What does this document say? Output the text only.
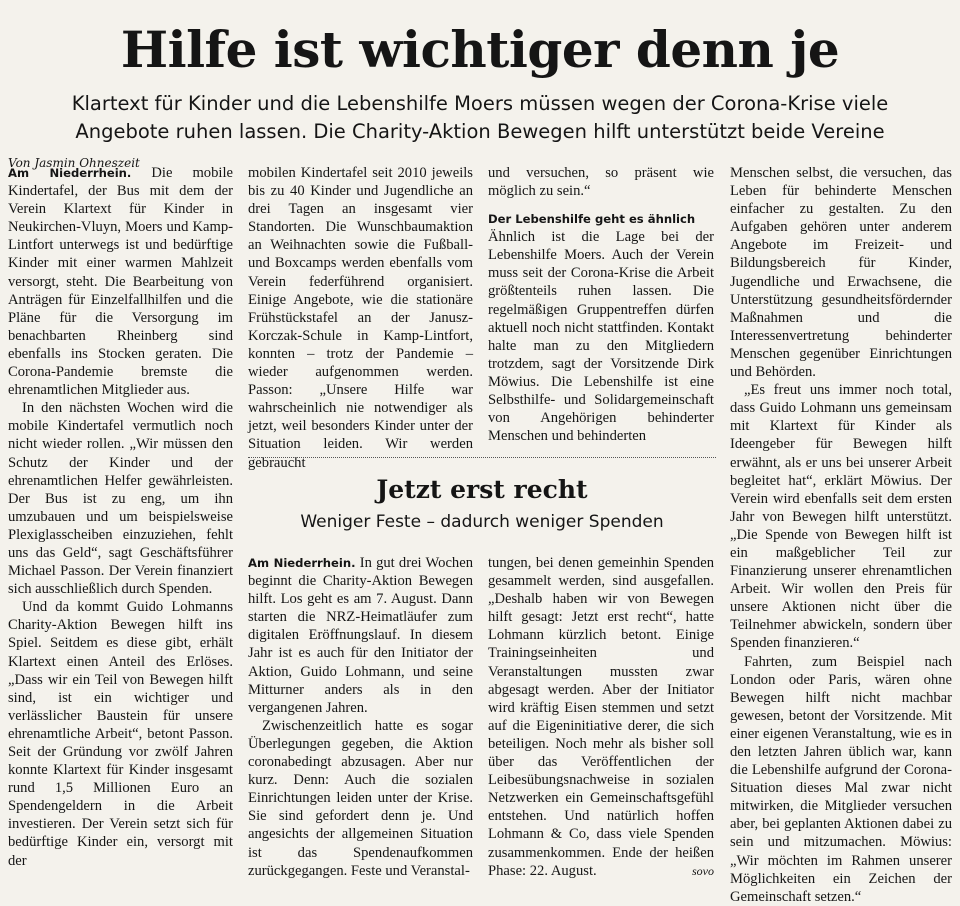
Hilfe ist wichtiger denn je
Klartext für Kinder und die Lebenshilfe Moers müssen wegen der Corona-Krise viele
Angebote ruhen lassen. Die Charity-Aktion Bewegen hilft unterstützt beide Vereine
Von Jasmin Ohneszeit

Am Niederrhein. Die mobile Kindertafel, der Bus mit dem der Verein Klartext für Kinder in Neukirchen-Vluyn, Moers und Kamp-Lintfort unterwegs ist und bedürftige Kinder mit einer warmen Mahlzeit versorgt, steht. Die Bearbeitung von Anträgen für Einzelfallhilfen und die Pläne für die Versorgung im benachbarten Rheinberg sind ebenfalls ins Stocken geraten. Die Corona-Pandemie bremste die ehrenamtlichen Mitglieder aus.

In den nächsten Wochen wird die mobile Kindertafel vermutlich noch nicht wieder rollen. „Wir müssen den Schutz der Kinder und der ehrenamtlichen Helfer gewährleisten. Der Bus ist zu eng, um ihn umzubauen und um beispielsweise Plexiglasscheiben einzuziehen, fehlt uns das Geld“, sagt Geschäftsführer Michael Passon. Der Verein finanziert sich ausschließlich durch Spenden.

Und da kommt Guido Lohmanns Charity-Aktion Bewegen hilft ins Spiel. Seitdem es diese gibt, erhält Klartext einen Anteil des Erlöses. „Dass wir ein Teil von Bewegen hilft sind, ist ein wichtiger und verlässlicher Baustein für unsere ehrenamtliche Arbeit“, betont Passon. Seit der Gründung vor zwölf Jahren konnte Klartext für Kinder insgesamt rund 1,5 Millionen Euro an Spendengeldern in die Arbeit investieren. Der Verein setzt sich für bedürftige Kinder ein, versorgt mit der

mobilen Kindertafel seit 2010 jeweils bis zu 40 Kinder und Jugendliche an drei Tagen an insgesamt vier Standorten. Die Wunschbaumaktion an Weihnachten sowie die Fußball- und Boxcamps werden ebenfalls vom Verein federführend organisiert. Einige Angebote, wie die stationäre Frühstückstafel an der Janusz-Korczak-Schule in Kamp-Lintfort, konnten – trotz der Pandemie – wieder aufgenommen werden. Passon: „Unsere Hilfe war wahrscheinlich nie notwendiger als jetzt, weil besonders Kinder unter der Situation leiden. Wir werden gebraucht

und versuchen, so präsent wie möglich zu sein.“

Der Lebenshilfe geht es ähnlich

Ähnlich ist die Lage bei der Lebenshilfe Moers. Auch der Verein muss seit der Corona-Krise die Arbeit größtenteils ruhen lassen. Die regelmäßigen Gruppentreffen dürfen aktuell noch nicht stattfinden. Kontakt halte man zu den Mitgliedern trotzdem, sagt der Vorsitzende Dirk Möwius. Die Lebenshilfe ist eine Selbsthilfe- und Solidargemeinschaft von Angehörigen behinderter Menschen und behinderten

Menschen selbst, die versuchen, das Leben für behinderte Menschen einfacher zu gestalten. Zu den Aufgaben gehören unter anderem Angebote im Freizeit- und Bildungsbereich für Kinder, Jugendliche und Erwachsene, die Unterstützung gesundheitsfördernder Maßnahmen und die Interessenvertretung behinderter Menschen gegenüber Einrichtungen und Behörden.

„Es freut uns immer noch total, dass Guido Lohmann uns gemeinsam mit Klartext für Kinder als Ideengeber für Bewegen hilft erwähnt, als er uns bei unserer Arbeit begleitet hat“, erklärt Möwius. Der Verein wird ebenfalls seit dem ersten Jahr von Bewegen hilft unterstützt. „Die Spende von Bewegen hilft ist ein maßgeblicher Teil zur Finanzierung unserer ehrenamtlichen Arbeit. Wir wollen den Preis für unsere Aktionen nicht über die Teilnehmer abwickeln, sondern über Spenden finanzieren.“

Fahrten, zum Beispiel nach London oder Paris, wären ohne Bewegen hilft nicht machbar gewesen, betont der Vorsitzende. Mit einer eigenen Veranstaltung, wie es in den letzten Jahren üblich war, kann die Lebenshilfe aufgrund der Corona-Situation dieses Mal zwar nicht mitwirken, die Mitglieder versuchen aber, bei geplanten Aktionen dabei zu sein und mitzumachen. Möwius: „Wir möchten im Rahmen unserer Möglichkeiten ein Zeichen der Gemeinschaft setzen.“

Jetzt erst recht
Weniger Feste – dadurch weniger Spenden

Am Niederrhein. In gut drei Wochen beginnt die Charity-Aktion Bewegen hilft. Los geht es am 7. August. Dann starten die NRZ-Heimatläufer zum digitalen Eröffnungslauf. In diesem Jahr ist es auch für den Initiator der Aktion, Guido Lohmann, und seine Mitturner anders als in den vergangenen Jahren.

Zwischenzeitlich hatte es sogar Überlegungen gegeben, die Aktion coronabedingt abzusagen. Aber nur kurz. Denn: Auch die sozialen Einrichtungen leiden unter der Krise. Sie sind gefordert denn je. Und angesichts der allgemeinen Situation ist das Spendenaufkommen zurückgegangen. Feste und Veranstal-

tungen, bei denen gemeinhin Spenden gesammelt werden, sind ausgefallen. „Deshalb haben wir von Bewegen hilft gesagt: Jetzt erst recht“, hatte Lohmann kürzlich betont. Einige Trainingseinheiten und Veranstaltungen mussten zwar abgesagt werden. Aber der Initiator wird kräftig Eisen stemmen und setzt auf die Eigeninitiative derer, die sich beteiligen. Noch mehr als bisher soll über das Veröffentlichen der Leibesübungsnachweise in sozialen Netzwerken ein Gemeinschaftsgefühl entstehen. Und natürlich hoffen Lohmann & Co, dass viele Spenden zusammenkommen. Ende der heißen Phase: 22. August.	sovo
